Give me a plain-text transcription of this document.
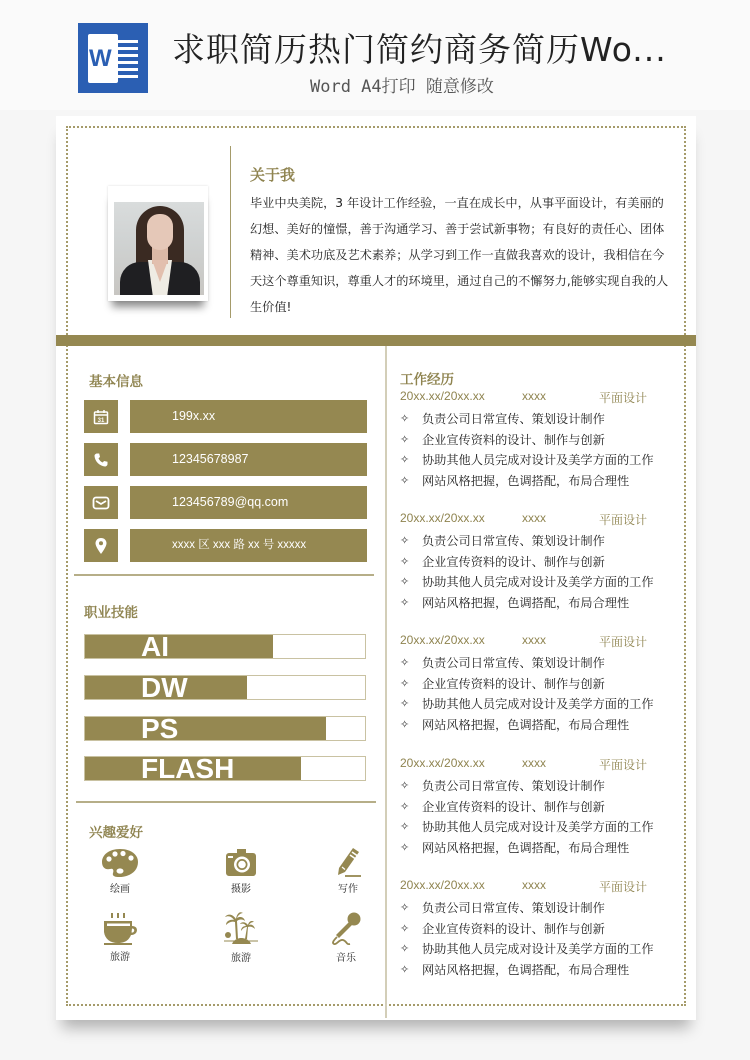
W 求职简历热门简约商务简历Wo...
Word A4打印 随意修改
关于我
毕业中央美院，3 年设计工作经验，一直在成长中，从事平面设计，有美丽的幻想、美好的憧憬，善于沟通学习、善于尝试新事物；有良好的责任心、团体精神、美术功底及艺术素养；从学习到工作一直做我喜欢的设计，我相信在今天这个尊重知识，尊重人才的环境里，通过自己的不懈努力,能够实现自我的人生价值!
基本信息
31	199x.xx
12345678987
123456789@qq.com
xxxx 区 xxx 路 xx 号 xxxxx
职业技能
AI
DW
PS
FLASH
兴趣爱好
绘画	摄影	写作
旅游	旅游	音乐
工作经历
20xx.xx/20xx.xx	xxxx	平面设计
✧ 负责公司日常宣传、策划设计制作
✧ 企业宣传资料的设计、制作与创新
✧ 协助其他人员完成对设计及美学方面的工作
✧ 网站风格把握，色调搭配，布局合理性
20xx.xx/20xx.xx	xxxx	平面设计
✧ 负责公司日常宣传、策划设计制作
✧ 企业宣传资料的设计、制作与创新
✧ 协助其他人员完成对设计及美学方面的工作
✧ 网站风格把握，色调搭配，布局合理性
20xx.xx/20xx.xx	xxxx	平面设计
✧ 负责公司日常宣传、策划设计制作
✧ 企业宣传资料的设计、制作与创新
✧ 协助其他人员完成对设计及美学方面的工作
✧ 网站风格把握，色调搭配，布局合理性
20xx.xx/20xx.xx	xxxx	平面设计
✧ 负责公司日常宣传、策划设计制作
✧ 企业宣传资料的设计、制作与创新
✧ 协助其他人员完成对设计及美学方面的工作
✧ 网站风格把握，色调搭配，布局合理性
20xx.xx/20xx.xx	xxxx	平面设计
✧ 负责公司日常宣传、策划设计制作
✧ 企业宣传资料的设计、制作与创新
✧ 协助其他人员完成对设计及美学方面的工作
✧ 网站风格把握，色调搭配，布局合理性
